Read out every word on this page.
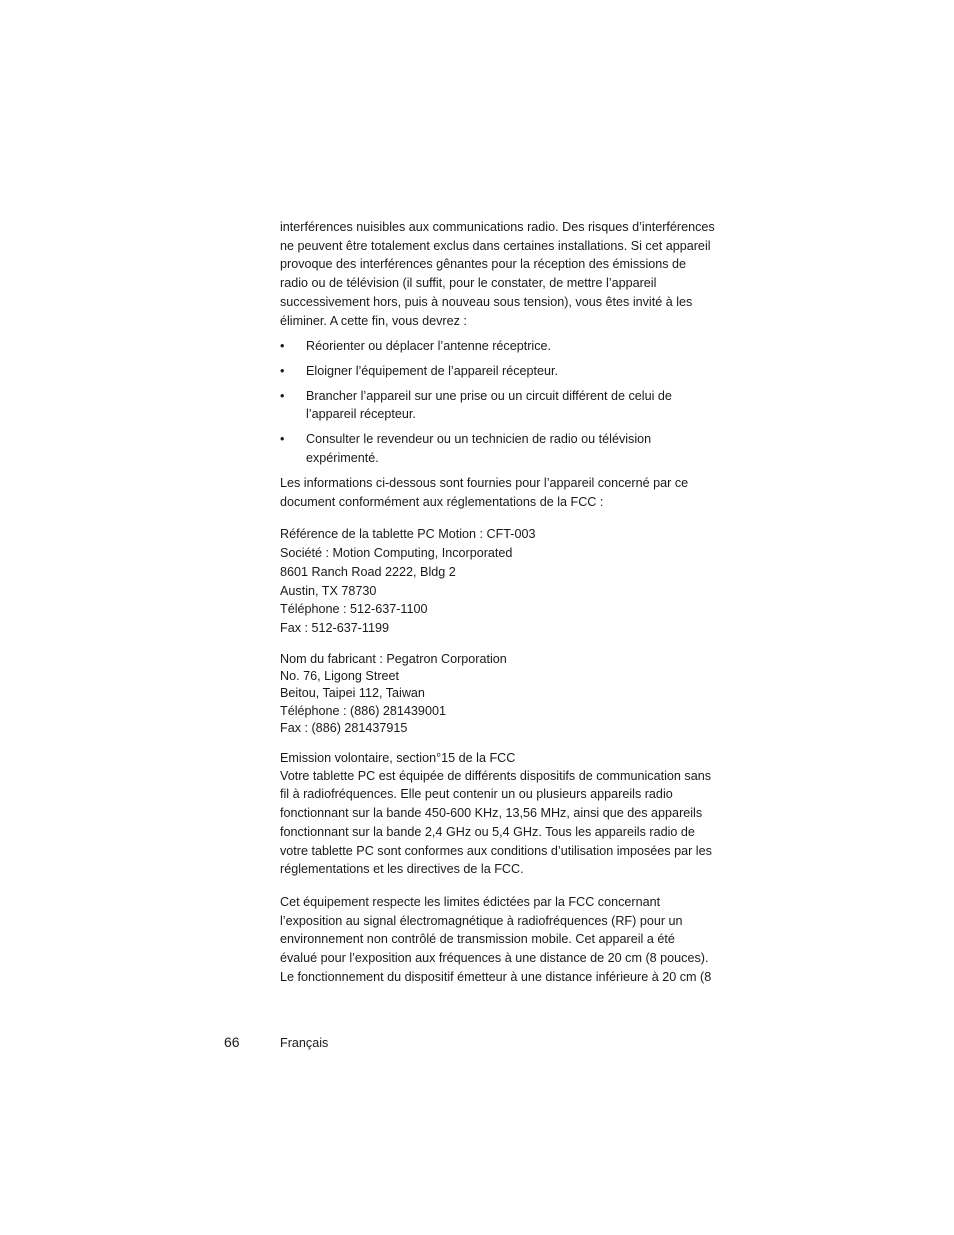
interférences nuisibles aux communications radio. Des risques d’interférences
ne peuvent être totalement exclus dans certaines installations. Si cet appareil
provoque des interférences gênantes pour la réception des émissions de
radio ou de télévision (il suffit, pour le constater, de mettre l’appareil
successivement hors, puis à nouveau sous tension), vous êtes invité à les
éliminer. A cette fin, vous devrez :

• Réorienter ou déplacer l’antenne réceptrice.
• Eloigner l’équipement de l’appareil récepteur.
• Brancher l’appareil sur une prise ou un circuit différent de celui de
l’appareil récepteur.
• Consulter le revendeur ou un technicien de radio ou télévision
expérimenté.

Les informations ci-dessous sont fournies pour l’appareil concerné par ce
document conformément aux réglementations de la FCC :

Référence de la tablette PC Motion : CFT-003
Société : Motion Computing, Incorporated
8601 Ranch Road 2222, Bldg 2
Austin, TX 78730
Téléphone : 512-637-1100
Fax : 512-637-1199

Nom du fabricant : Pegatron Corporation
No. 76, Ligong Street
Beitou, Taipei 112, Taiwan
Téléphone : (886) 281439001
Fax : (886) 281437915

Emission volontaire, section°15 de la FCC
Votre tablette PC est équipée de différents dispositifs de communication sans
fil à radiofréquences. Elle peut contenir un ou plusieurs appareils radio
fonctionnant sur la bande 450-600 KHz, 13,56 MHz, ainsi que des appareils
fonctionnant sur la bande 2,4 GHz ou 5,4 GHz. Tous les appareils radio de
votre tablette PC sont conformes aux conditions d’utilisation imposées par les
réglementations et les directives de la FCC.

Cet équipement respecte les limites édictées par la FCC concernant
l’exposition au signal électromagnétique à radiofréquences (RF) pour un
environnement non contrôlé de transmission mobile. Cet appareil a été
évalué pour l’exposition aux fréquences à une distance de 20 cm (8 pouces).
Le fonctionnement du dispositif émetteur à une distance inférieure à 20 cm (8

66	Français
